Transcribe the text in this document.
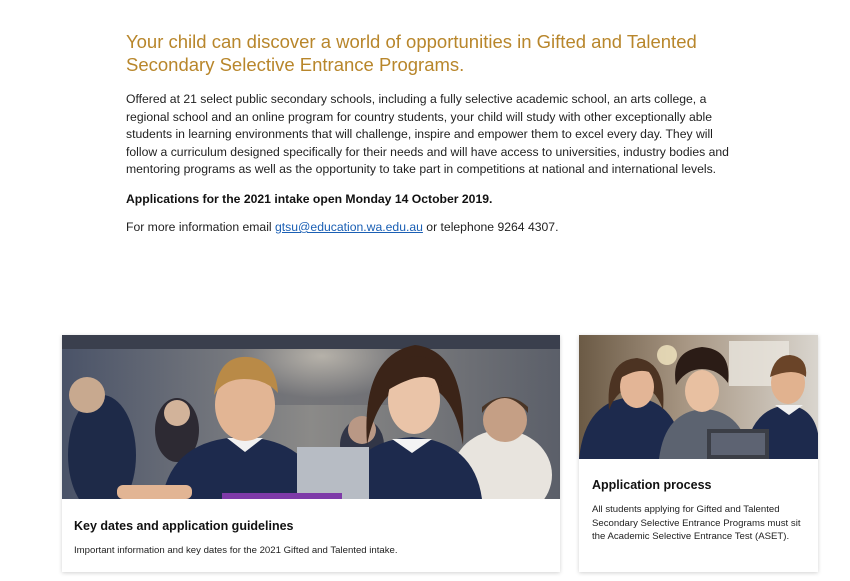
Your child can discover a world of opportunities in Gifted and Talented Secondary Selective Entrance Programs.

Offered at 21 select public secondary schools, including a fully selective academic school, an arts college, a regional school and an online program for country students, your child will study with other exceptionally able students in learning environments that will challenge, inspire and empower them to excel every day. They will follow a curriculum designed specifically for their needs and will have access to universities, industry bodies and mentoring programs as well as the opportunity to take part in competitions at national and international levels.

Applications for the 2021 intake open Monday 14 October 2019.

For more information email gtsu@education.wa.edu.au or telephone 9264 4307.

Key dates and application guidelines

Important information and key dates for the 2021 Gifted and Talented intake.

Application process

All students applying for Gifted and Talented Secondary Selective Entrance Programs must sit the Academic Selective Entrance Test (ASET).
